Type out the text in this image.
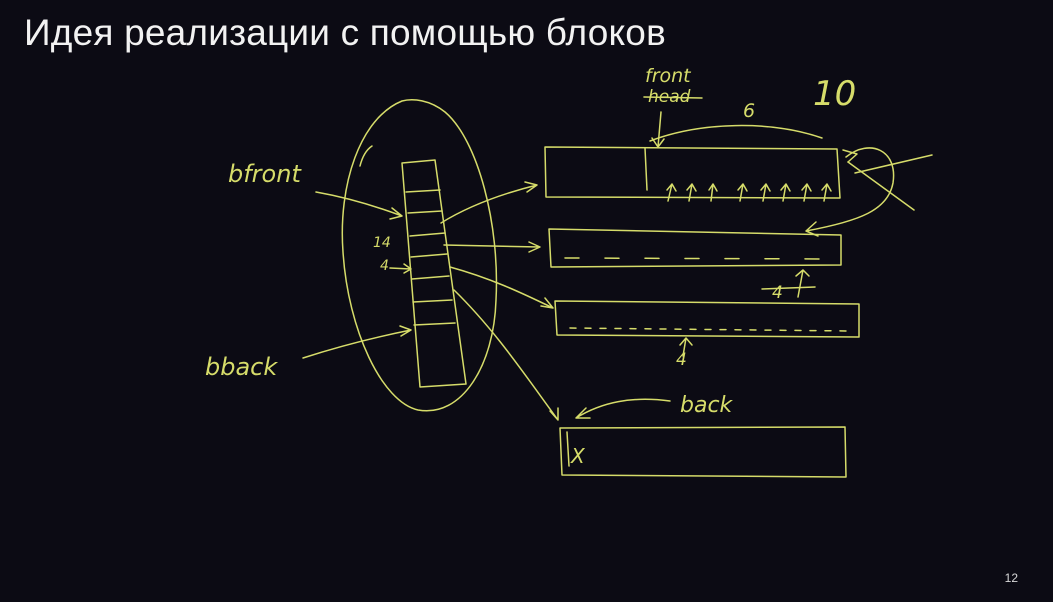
Идея реализации с помощью блоков
bfront
14
4
bback
front
head
6 10
4
4
X
back
12
